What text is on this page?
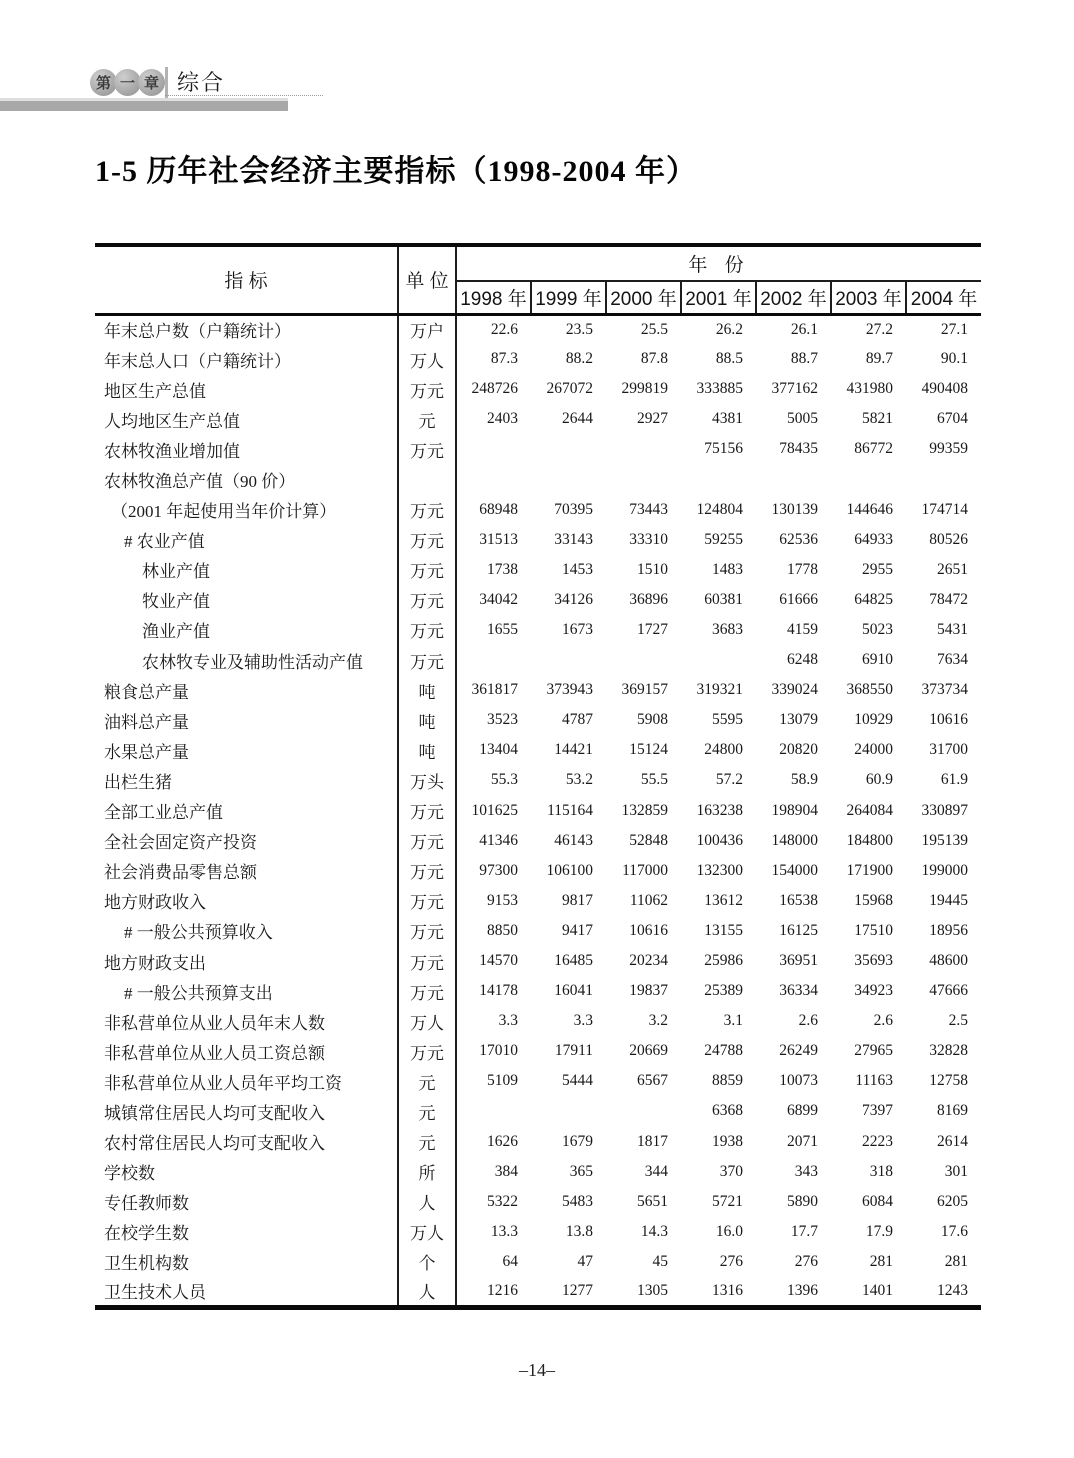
第 一 章 综合
1-5 历年社会经济主要指标（1998-2004 年）
指 标	单 位	年 份						
		1998 年	1999 年	2000 年	2001 年	2002 年	2003 年	2004 年
年末总户数（户籍统计）	万户	22.6	23.5	25.5	26.2	26.1	27.2	27.1
年末总人口（户籍统计）	万人	87.3	88.2	87.8	88.5	88.7	89.7	90.1
地区生产总值	万元	248726	267072	299819	333885	377162	431980	490408
人均地区生产总值	元	2403	2644	2927	4381	5005	5821	6704
农林牧渔业增加值	万元				75156	78435	86772	99359
农林牧渔总产值（90 价）								
（2001 年起使用当年价计算）	万元	68948	70395	73443	124804	130139	144646	174714
# 农业产值	万元	31513	33143	33310	59255	62536	64933	80526
林业产值	万元	1738	1453	1510	1483	1778	2955	2651
牧业产值	万元	34042	34126	36896	60381	61666	64825	78472
渔业产值	万元	1655	1673	1727	3683	4159	5023	5431
农林牧专业及辅助性活动产值	万元					6248	6910	7634
粮食总产量	吨	361817	373943	369157	319321	339024	368550	373734
油料总产量	吨	3523	4787	5908	5595	13079	10929	10616
水果总产量	吨	13404	14421	15124	24800	20820	24000	31700
出栏生猪	万头	55.3	53.2	55.5	57.2	58.9	60.9	61.9
全部工业总产值	万元	101625	115164	132859	163238	198904	264084	330897
全社会固定资产投资	万元	41346	46143	52848	100436	148000	184800	195139
社会消费品零售总额	万元	97300	106100	117000	132300	154000	171900	199000
地方财政收入	万元	9153	9817	11062	13612	16538	15968	19445
# 一般公共预算收入	万元	8850	9417	10616	13155	16125	17510	18956
地方财政支出	万元	14570	16485	20234	25986	36951	35693	48600
# 一般公共预算支出	万元	14178	16041	19837	25389	36334	34923	47666
非私营单位从业人员年末人数	万人	3.3	3.3	3.2	3.1	2.6	2.6	2.5
非私营单位从业人员工资总额	万元	17010	17911	20669	24788	26249	27965	32828
非私营单位从业人员年平均工资	元	5109	5444	6567	8859	10073	11163	12758
城镇常住居民人均可支配收入	元				6368	6899	7397	8169
农村常住居民人均可支配收入	元	1626	1679	1817	1938	2071	2223	2614
学校数	所	384	365	344	370	343	318	301
专任教师数	人	5322	5483	5651	5721	5890	6084	6205
在校学生数	万人	13.3	13.8	14.3	16.0	17.7	17.9	17.6
卫生机构数	个	64	47	45	276	276	281	281
卫生技术人员	人	1216	1277	1305	1316	1396	1401	1243
–14–
